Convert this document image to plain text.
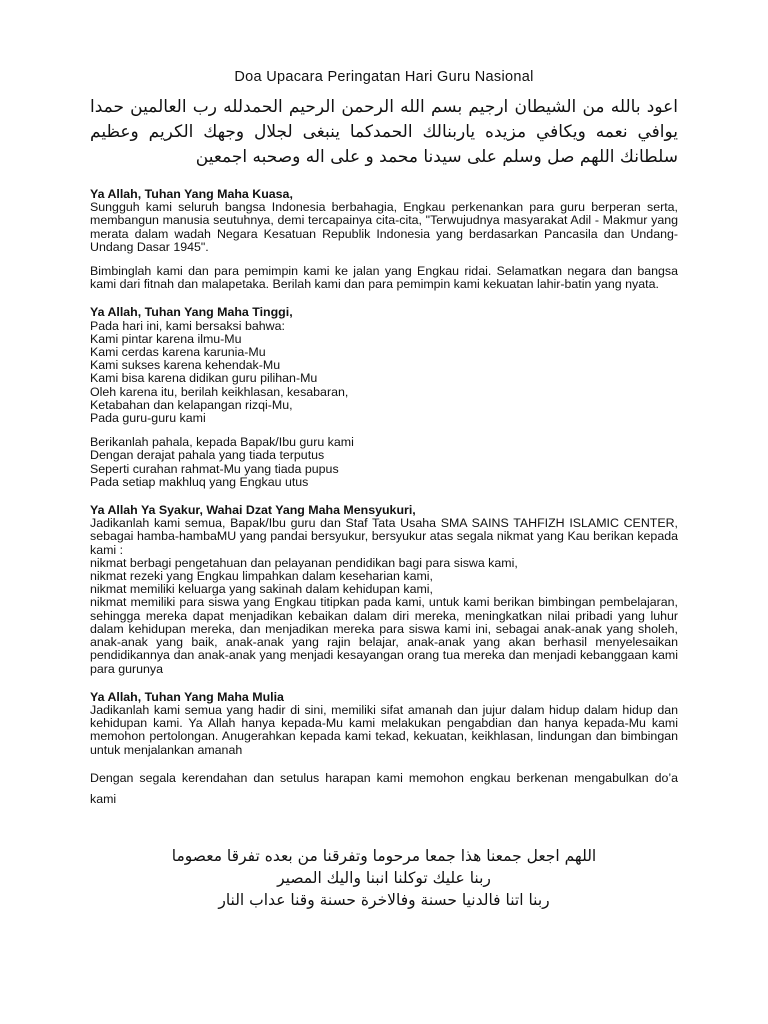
Doa Upacara Peringatan Hari Guru Nasional

اعود بالله من الشيطان ارجيم بسم الله الرحمن الرحيم الحمدلله رب العالمين حمدا يوافي نعمه ويكافي مزيده ياربنالك الحمدكما ينبغى لجلال وجهك الكريم وعظيم سلطانك اللهم صل وسلم على سيدنا محمد و على اله وصحبه اجمعين

Ya Allah, Tuhan Yang Maha Kuasa,

Sungguh kami seluruh bangsa Indonesia berbahagia, Engkau perkenankan para guru berperan serta, membangun manusia seutuhnya, demi tercapainya cita-cita, "Terwujudnya masyarakat Adil - Makmur yang merata dalam wadah Negara Kesatuan Republik Indonesia yang berdasarkan Pancasila dan Undang-Undang Dasar 1945".

Bimbinglah kami dan para pemimpin kami ke jalan yang Engkau ridai. Selamatkan negara dan bangsa kami dari fitnah dan malapetaka. Berilah kami dan para pemimpin kami kekuatan lahir-batin yang nyata.

Ya Allah, Tuhan Yang Maha Tinggi,

Pada hari ini, kami bersaksi bahwa:

Kami pintar karena ilmu-Mu

Kami cerdas karena karunia-Mu

Kami sukses karena kehendak-Mu

Kami bisa karena didikan guru pilihan-Mu

Oleh karena itu, berilah keikhlasan, kesabaran,

Ketabahan dan kelapangan rizqi-Mu,

Pada guru-guru kami

Berikanlah pahala, kepada Bapak/Ibu guru kami

Dengan derajat pahala yang tiada terputus

Seperti curahan rahmat-Mu yang tiada pupus

Pada setiap makhluq yang Engkau utus

Ya Allah Ya Syakur, Wahai Dzat Yang Maha Mensyukuri,

Jadikanlah kami semua, Bapak/Ibu guru dan Staf Tata Usaha SMA SAINS TAHFIZH ISLAMIC CENTER, sebagai hamba-hambaMU yang pandai bersyukur, bersyukur atas segala nikmat yang Kau berikan kepada kami :

nikmat berbagi pengetahuan dan pelayanan pendidikan bagi para siswa kami,

nikmat rezeki yang Engkau limpahkan dalam keseharian kami,

nikmat memiliki keluarga yang sakinah dalam kehidupan kami,

nikmat memiliki para siswa yang Engkau titipkan pada kami, untuk kami berikan bimbingan pembelajaran, sehingga mereka dapat menjadikan kebaikan dalam diri mereka, meningkatkan nilai pribadi yang luhur dalam kehidupan mereka, dan menjadikan mereka para siswa kami ini, sebagai anak-anak yang sholeh, anak-anak yang baik, anak-anak yang rajin belajar, anak-anak yang akan berhasil menyelesaikan pendidikannya dan anak-anak yang menjadi kesayangan orang tua mereka dan menjadi kebanggaan kami para gurunya

Ya Allah, Tuhan Yang Maha Mulia

Jadikanlah kami semua yang hadir di sini, memiliki sifat amanah dan jujur dalam hidup dalam hidup dan kehidupan kami. Ya Allah hanya kepada-Mu kami melakukan pengabdian dan hanya kepada-Mu kami memohon pertolongan. Anugerahkan kepada kami tekad, kekuatan, keikhlasan, lindungan dan bimbingan untuk menjalankan amanah

Dengan segala kerendahan dan setulus harapan kami memohon engkau berkenan mengabulkan do’a kami

اللهم اجعل جمعنا هذا جمعا مرحوما وتفرقنا من بعده تفرقا معصوما
ربنا عليك توكلنا انبنا واليك المصير
ربنا اتنا فالدنيا حسنة وفالاخرة حسنة وقنا عداب النار
